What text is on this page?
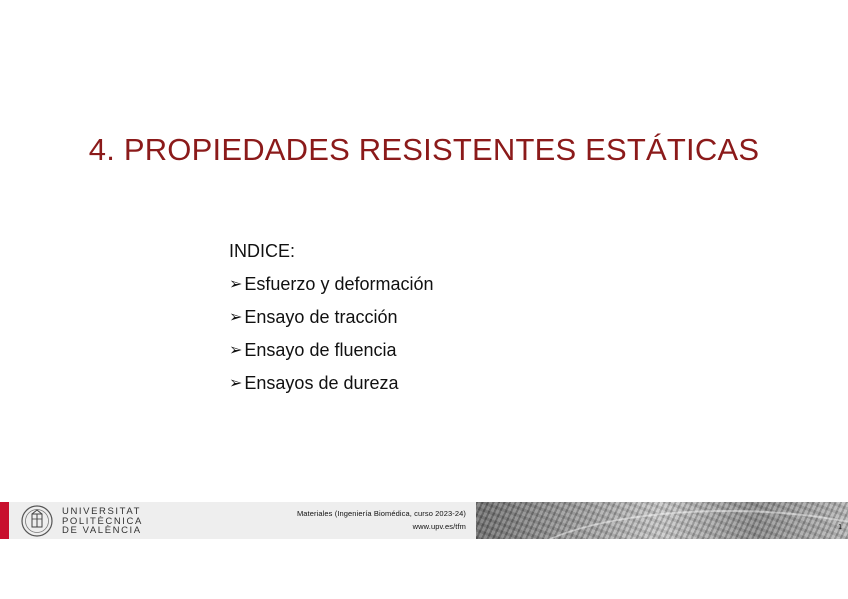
4. PROPIEDADES RESISTENTES ESTÁTICAS
INDICE:
➢ Esfuerzo y deformación
➢ Ensayo de tracción
➢ Ensayo de fluencia
➢ Ensayos de dureza
UNIVERSITAT
POLITÈCNICA
DE VALÈNCIA
Materiales (Ingeniería Biomédica, curso 2023-24)
www.upv.es/tfm	1
